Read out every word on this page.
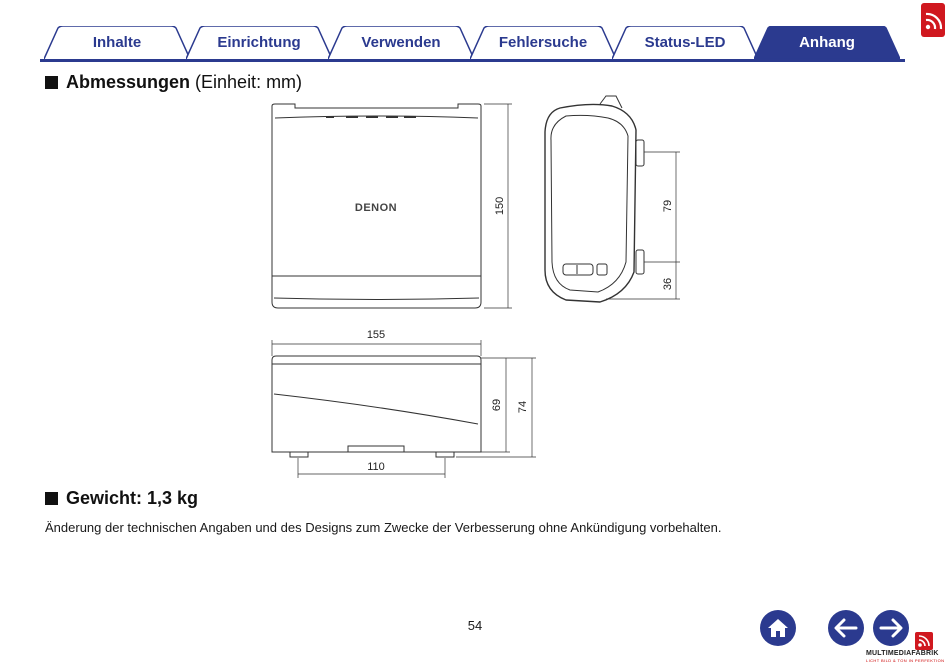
Inhalte	Einrichtung	Verwenden	Fehlersuche	Status-LED	Anhang
Abmessungen (Einheit: mm)
DENON	150	79
36
155
69 74
110
Gewicht: 1,3 kg
Änderung der technischen Angaben und des Designs zum Zwecke der Verbesserung ohne Ankündigung vorbehalten.
54
MULTIMEDIAFABRIK
LICHT BILD & TON IN PERFEKTION
